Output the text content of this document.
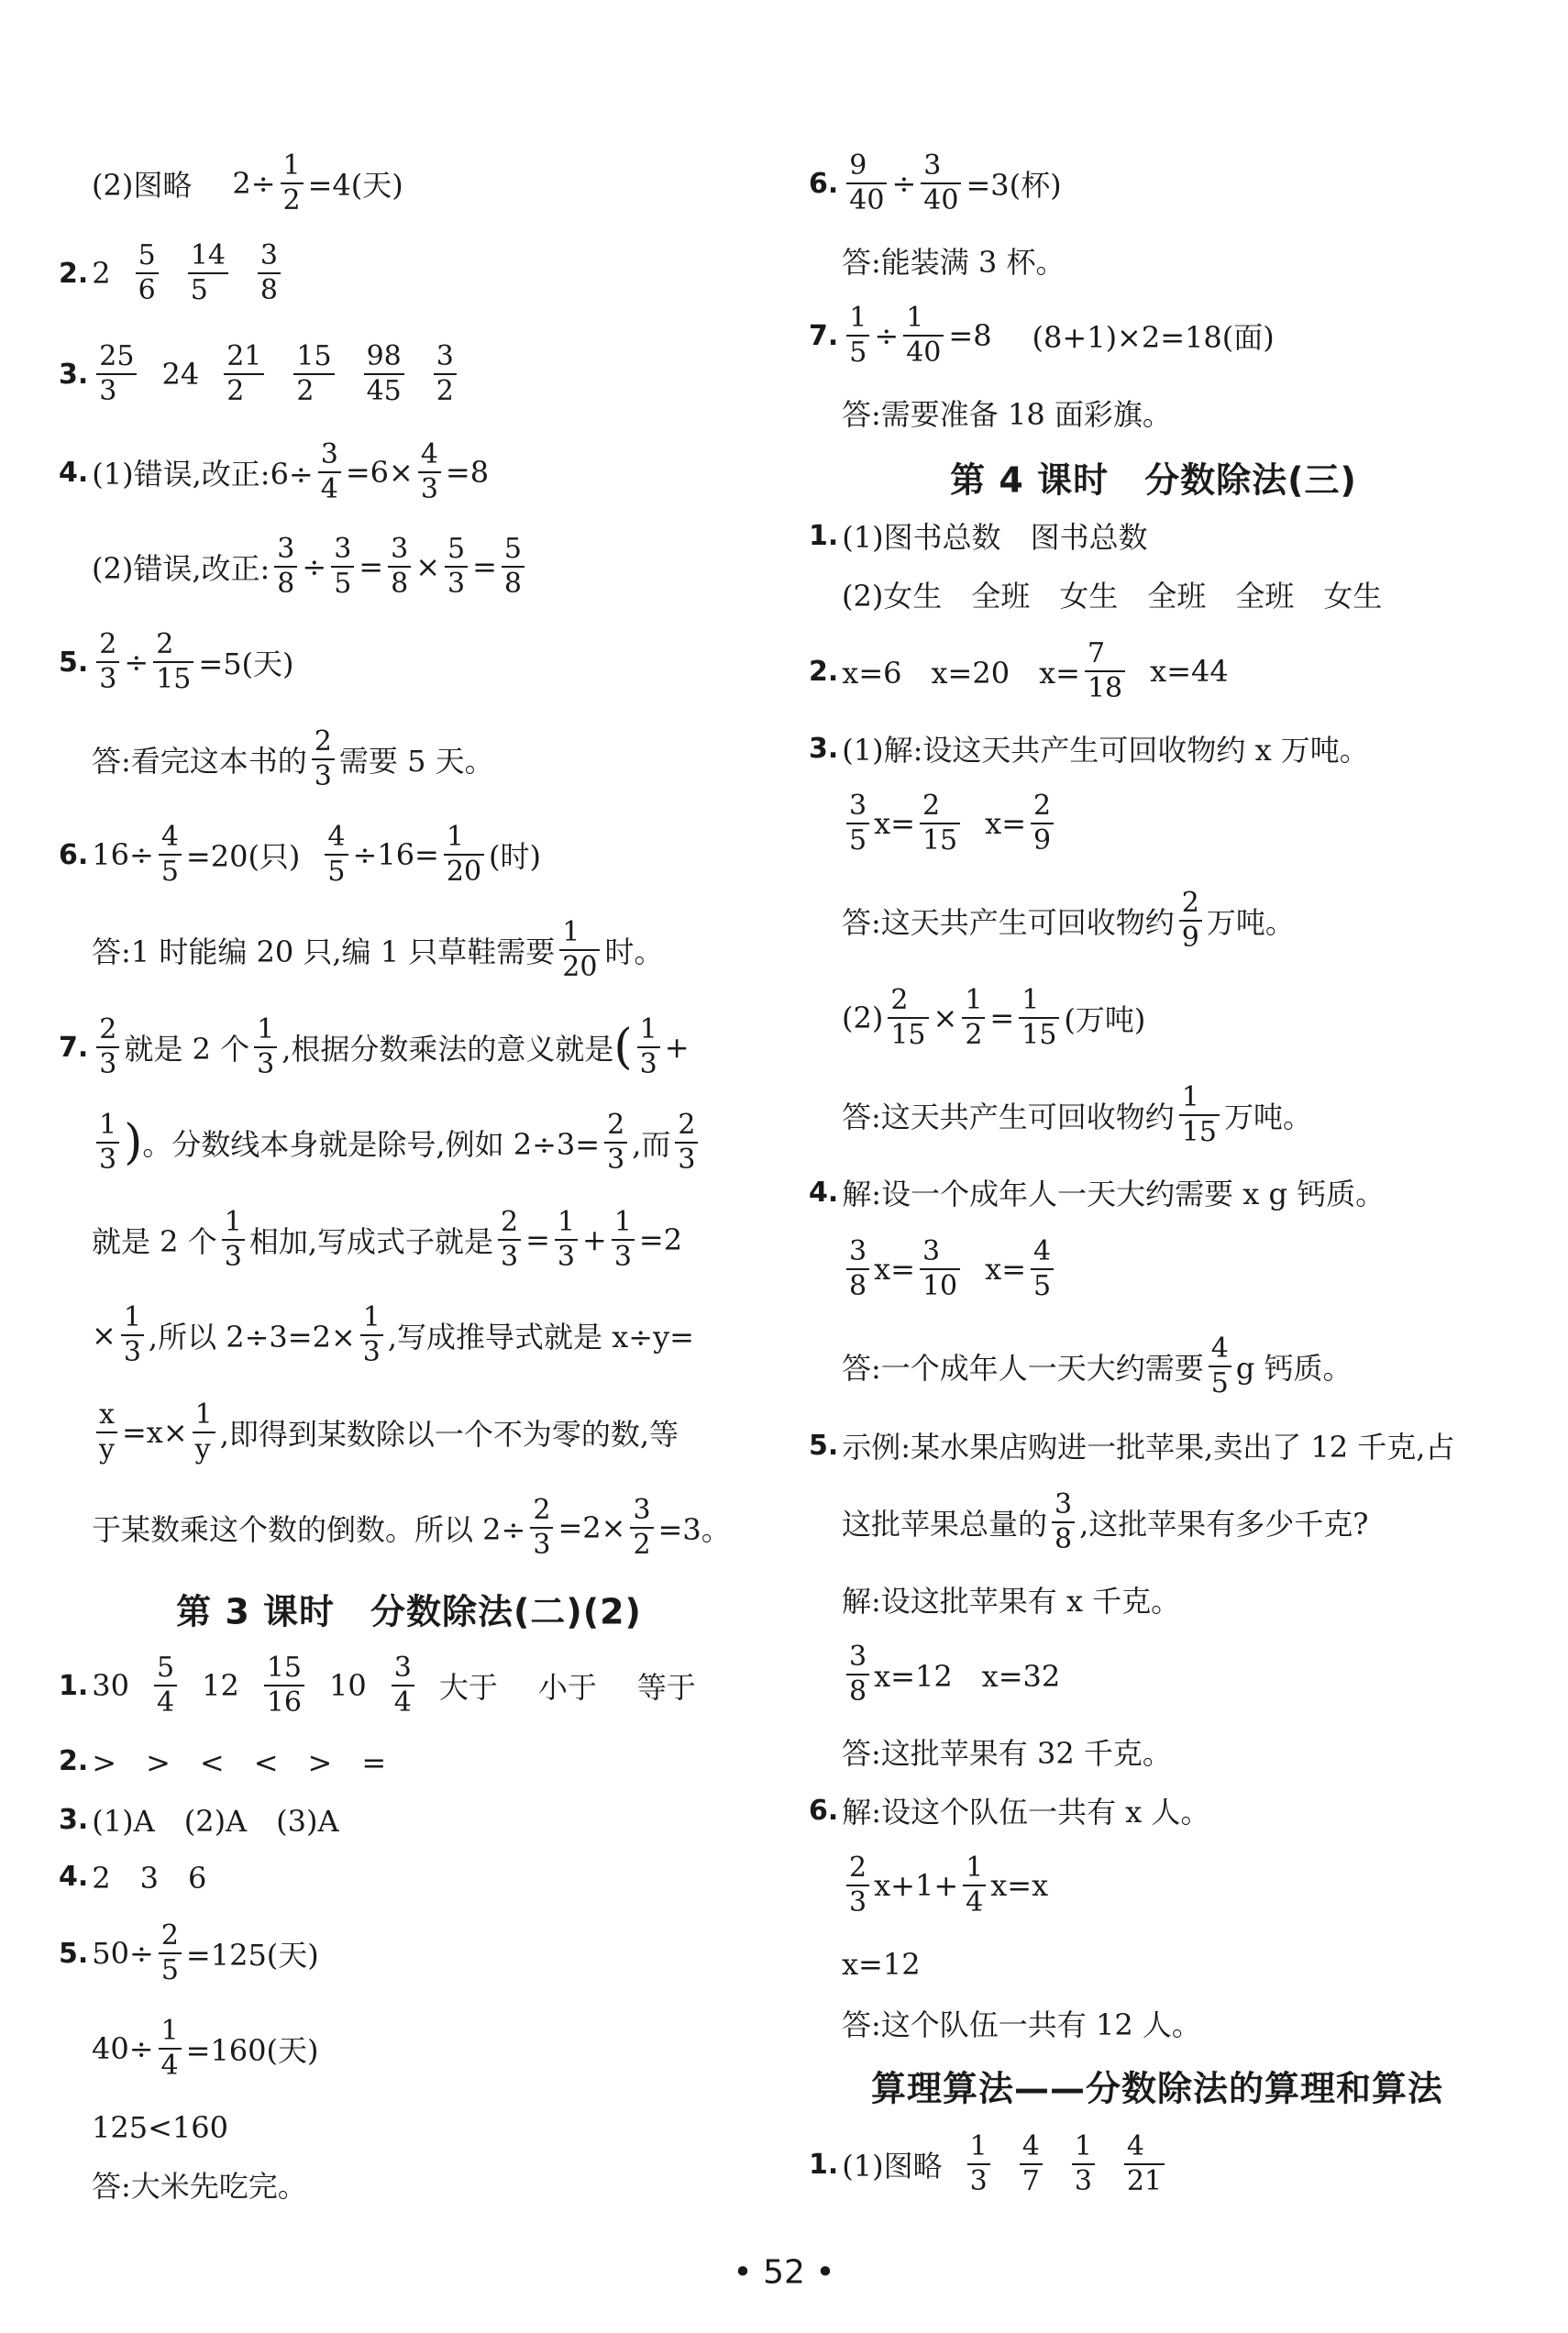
(2)图略 $2\div \frac{1}{2} =4$(天)
2. $2 \frac{5}{6} \frac{14}{5} \frac{3}{8}$
3. $\frac{25}{3} 24 \frac{21}{2} \frac{15}{2} \frac{98}{45} \frac{3}{2}$
4. (1)错误,改正:6÷ $\frac{3}{4} =6\times \frac{4}{3} =8$
(2)错误,改正: $\frac{3}{8} \div \frac{3}{5} = \frac{3}{8} \times \frac{5}{3} = \frac{5}{8}$
5. $\frac{2}{3} \div \frac{2}{15} =5$(天)
答:看完这本书的 $\frac{2}{3}$ 需要 5 天。
6. $16\div \frac{4}{5} =20$(只) $\frac{4}{5} \div 16= \frac{1}{20}$ (时)
答:1 时能编 20 只,编 1 只草鞋需要 $\frac{1}{20}$ 时。
7. $\frac{2}{3}$ 就是 2 个 $\frac{1}{3}$ ,根据分数乘法的意义就是 ( $\frac{1}{3}$ +
$\frac{1}{3}$ ) 。分数线本身就是除号,例如 $2\div 3= \frac{2}{3}$ ,而 $\frac{2}{3}$
就是 2 个 $\frac{1}{3}$ 相加,写成式子就是 $\frac{2}{3} = \frac{1}{3} + \frac{1}{3} =2$
× $\frac{1}{3}$ ,所以 $2\div 3=2\times \frac{1}{3}$ ,写成推导式就是 x÷y=
$\frac{x}{y} =x\times \frac{1}{y}$ ,即得到某数除以一个不为零的数,等
于某数乘这个数的倒数。所以 $2\div \frac{2}{3} =2\times \frac{3}{2} =3$。
第 3 课时　分数除法(二)(2)
1. $30 \frac{5}{4} 12 \frac{15}{16} 10 \frac{3}{4}$ 大于 小于 等于
2. >　>　<　<　>　=
3. (1)A　(2)A　(3)A
4. 2　3　6
5. $50\div \frac{2}{5} =125$(天)
$40\div \frac{1}{4} =160$(天)
125<160
答:大米先吃完。
6. $\frac{9}{40} \div \frac{3}{40} =3$(杯)
答:能装满 3 杯。
7. $\frac{1}{5} \div \frac{1}{40} =8$ (8+1)×2=18(面)
答:需要准备 18 面彩旗。
第 4 课时　分数除法(三)
1. (1)图书总数　图书总数
(2)女生　全班　女生　全班　全班　女生
2. x=6　x=20　$x= \frac{7}{18} x=44$
3. (1)解:设这天共产生可回收物约 x 万吨。
$\frac{3}{5} x= \frac{2}{15} x= \frac{2}{9}$
答:这天共产生可回收物约 $\frac{2}{9}$ 万吨。
$(2) \frac{2}{15} \times \frac{1}{2} = \frac{1}{15}$ (万吨)
答:这天共产生可回收物约 $\frac{1}{15}$ 万吨。
4. 解:设一个成年人一天大约需要 x g 钙质。
$\frac{3}{8} x= \frac{3}{10} x= \frac{4}{5}$
答:一个成年人一天大约需要 $\frac{4}{5}$ g 钙质。
5. 示例:某水果店购进一批苹果,卖出了 12 千克,占
这批苹果总量的 $\frac{3}{8}$ ,这批苹果有多少千克?
解:设这批苹果有 x 千克。
$\frac{3}{8} x=12$　x=32
答:这批苹果有 32 千克。
6. 解:设这个队伍一共有 x 人。
$\frac{2}{3} x+1+ \frac{1}{4} x=x$
x=12
答:这个队伍一共有 12 人。
算理算法——分数除法的算理和算法
1. (1)图略 $\frac{1}{3} \frac{4}{7} \frac{1}{3} \frac{4}{21}$
• 52 •
